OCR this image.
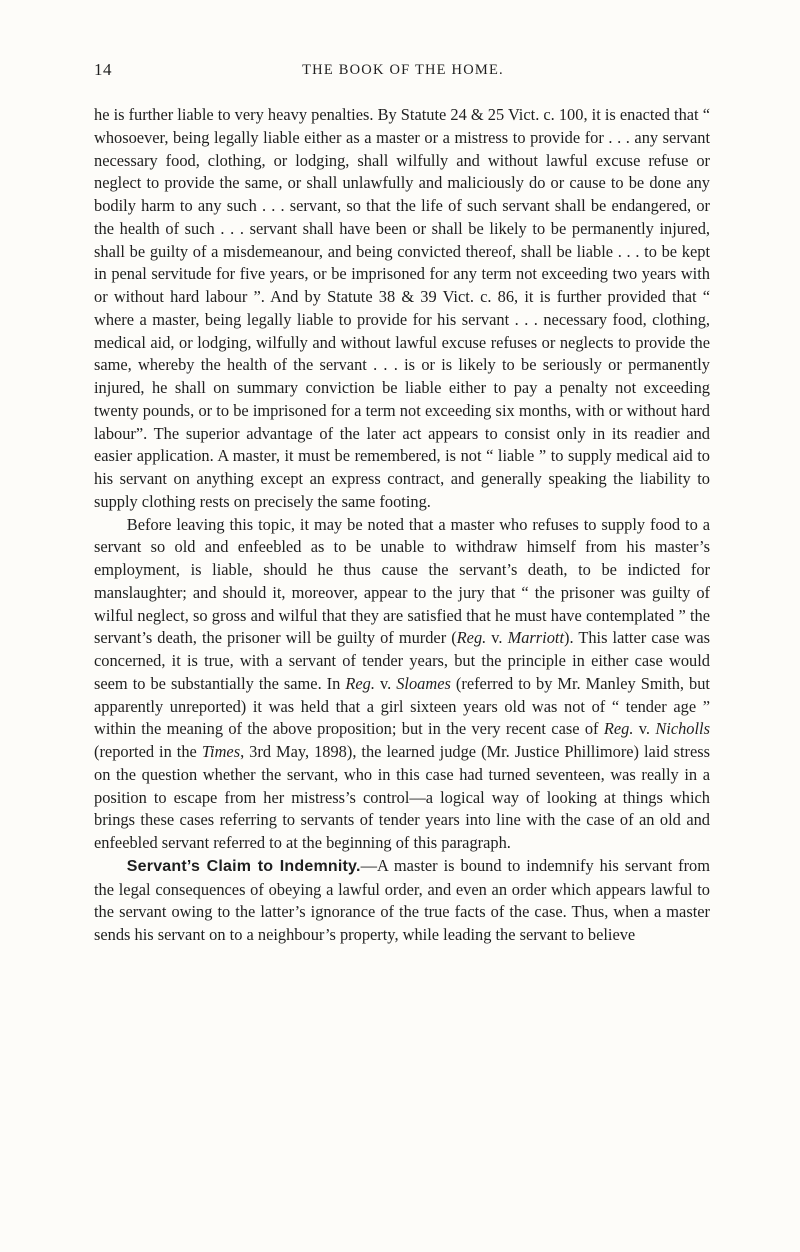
14	THE BOOK OF THE HOME.

he is further liable to very heavy penalties. By Statute 24 & 25 Vict. c. 100, it is enacted that “ whosoever, being legally liable either as a master or a mistress to provide for . . . any servant necessary food, clothing, or lodging, shall wilfully and without lawful excuse refuse or neglect to provide the same, or shall unlawfully and maliciously do or cause to be done any bodily harm to any such . . . servant, so that the life of such servant shall be endangered, or the health of such . . . servant shall have been or shall be likely to be permanently injured, shall be guilty of a misdemeanour, and being convicted thereof, shall be liable . . . to be kept in penal servitude for five years, or be imprisoned for any term not exceeding two years with or without hard labour ”. And by Statute 38 & 39 Vict. c. 86, it is further provided that “ where a master, being legally liable to provide for his servant . . . necessary food, clothing, medical aid, or lodging, wilfully and without lawful excuse refuses or neglects to provide the same, whereby the health of the servant . . . is or is likely to be seriously or permanently injured, he shall on summary conviction be liable either to pay a penalty not exceeding twenty pounds, or to be imprisoned for a term not exceeding six months, with or without hard labour”. The superior advantage of the later act appears to consist only in its readier and easier application. A master, it must be remembered, is not “ liable ” to supply medical aid to his servant on anything except an express contract, and generally speaking the liability to supply clothing rests on precisely the same footing.

Before leaving this topic, it may be noted that a master who refuses to supply food to a servant so old and enfeebled as to be unable to withdraw himself from his master’s employment, is liable, should he thus cause the servant’s death, to be indicted for manslaughter; and should it, moreover, appear to the jury that “ the prisoner was guilty of wilful neglect, so gross and wilful that they are satisfied that he must have contemplated ” the servant’s death, the prisoner will be guilty of murder (Reg. v. Marriott). This latter case was concerned, it is true, with a servant of tender years, but the principle in either case would seem to be substantially the same. In Reg. v. Sloames (referred to by Mr. Manley Smith, but apparently unreported) it was held that a girl sixteen years old was not of “ tender age ” within the meaning of the above proposition; but in the very recent case of Reg. v. Nicholls (reported in the Times, 3rd May, 1898), the learned judge (Mr. Justice Phillimore) laid stress on the question whether the servant, who in this case had turned seventeen, was really in a position to escape from her mistress’s control—a logical way of looking at things which brings these cases referring to servants of tender years into line with the case of an old and enfeebled servant referred to at the beginning of this paragraph.

Servant’s Claim to Indemnity.—A master is bound to indemnify his servant from the legal consequences of obeying a lawful order, and even an order which appears lawful to the servant owing to the latter’s ignorance of the true facts of the case. Thus, when a master sends his servant on to a neighbour’s property, while leading the servant to believe
